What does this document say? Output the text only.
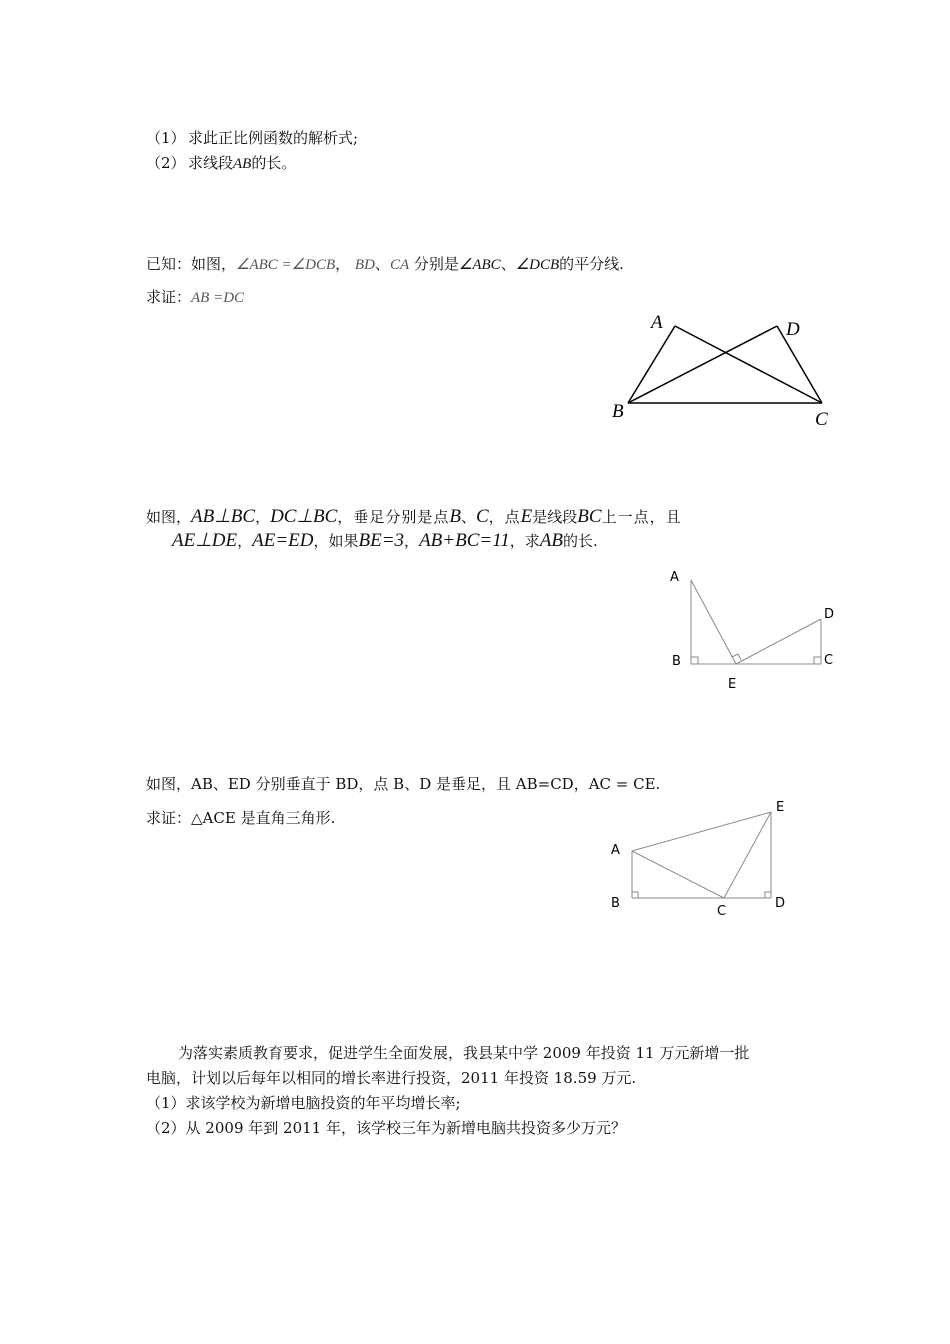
（1） 求此正比例函数的解析式;
（2） 求线段AB的长。
已知：如图，∠ABC =∠DCB， BD、CA 分别是∠ABC、∠DCB的平分线.
求证：AB =DC
A	D
B	C
如图，AB⊥BC，DC⊥BC，垂足分别是点B、C，点E是线段BC上一点，且
AE⊥DE，AE=ED，如果BE=3，AB+BC=11，求AB的长.
A
B	C
D
E
如图，AB、ED 分别垂直于 BD，点 B、D 是垂足，且 AB=CD，AC = CE.
求证：△ACE 是直角三角形.
A
B
C
D
E
为落实素质教育要求，促进学生全面发展，我县某中学 2009 年投资 11 万元新增一批
电脑，计划以后每年以相同的增长率进行投资，2011 年投资 18.59 万元.
（1）求该学校为新增电脑投资的年平均增长率;
（2）从 2009 年到 2011 年，该学校三年为新增电脑共投资多少万元？
